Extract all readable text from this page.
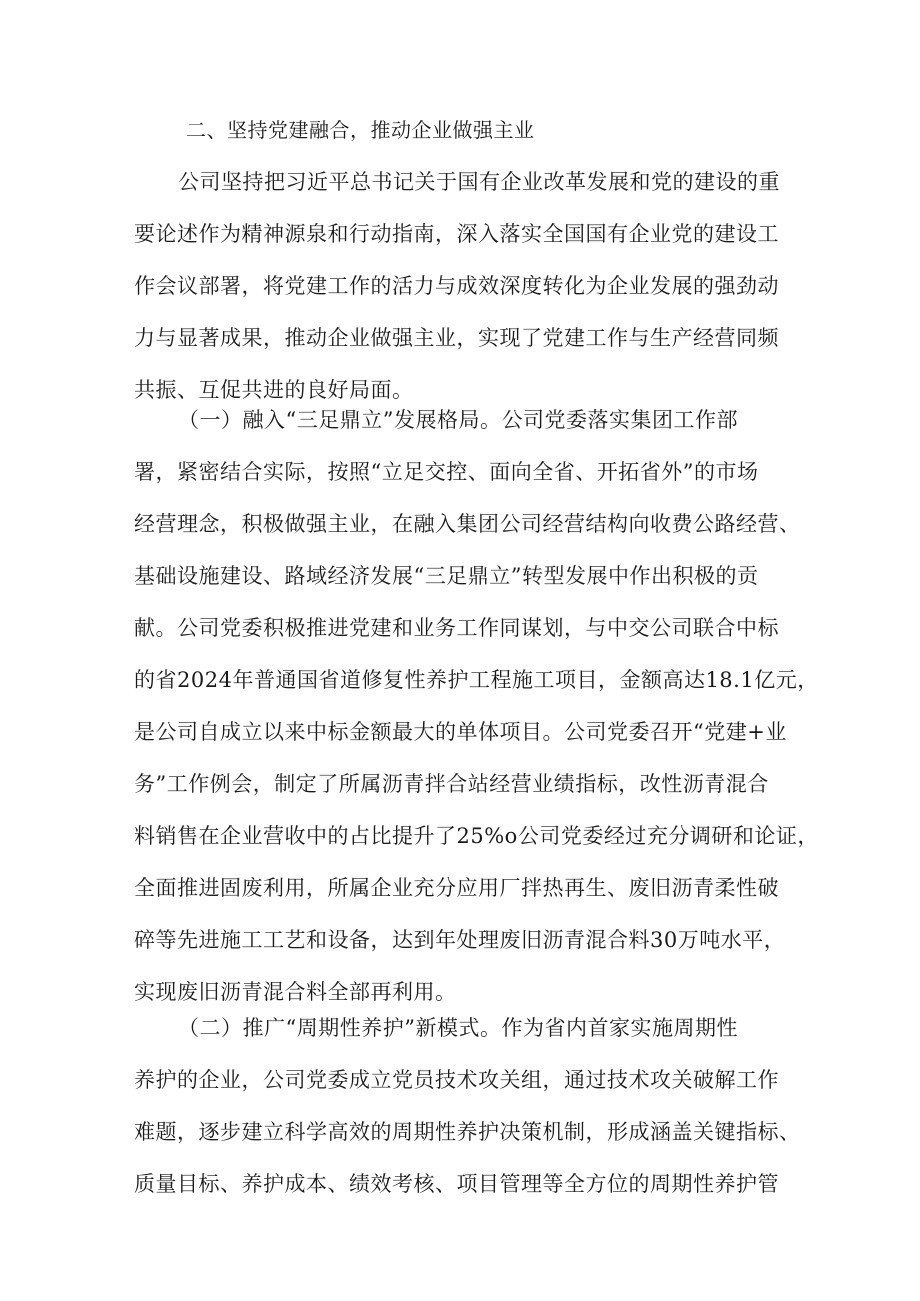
二、坚持党建融合，推动企业做强主业
公司坚持把习近平总书记关于国有企业改革发展和党的建设的重
要论述作为精神源泉和行动指南，深入落实全国国有企业党的建设工
作会议部署，将党建工作的活力与成效深度转化为企业发展的强劲动
力与显著成果，推动企业做强主业，实现了党建工作与生产经营同频
共振、互促共进的良好局面。
（一）融入“三足鼎立”发展格局。公司党委落实集团工作部
署，紧密结合实际，按照“立足交控、面向全省、开拓省外”的市场
经营理念，积极做强主业，在融入集团公司经营结构向收费公路经营、
基础设施建设、路域经济发展“三足鼎立”转型发展中作出积极的贡
献。公司党委积极推进党建和业务工作同谋划，与中交公司联合中标
的省2024年普通国省道修复性养护工程施工项目，金额高达18.1亿元，
是公司自成立以来中标金额最大的单体项目。公司党委召开“党建+业
务”工作例会，制定了所属沥青拌合站经营业绩指标，改性沥青混合
料销售在企业营收中的占比提升了25%o公司党委经过充分调研和论证，
全面推进固废利用，所属企业充分应用厂拌热再生、废旧沥青柔性破
碎等先进施工工艺和设备，达到年处理废旧沥青混合料30万吨水平，
实现废旧沥青混合料全部再利用。
（二）推广“周期性养护”新模式。作为省内首家实施周期性
养护的企业，公司党委成立党员技术攻关组，通过技术攻关破解工作
难题，逐步建立科学高效的周期性养护决策机制，形成涵盖关键指标、
质量目标、养护成本、绩效考核、项目管理等全方位的周期性养护管
